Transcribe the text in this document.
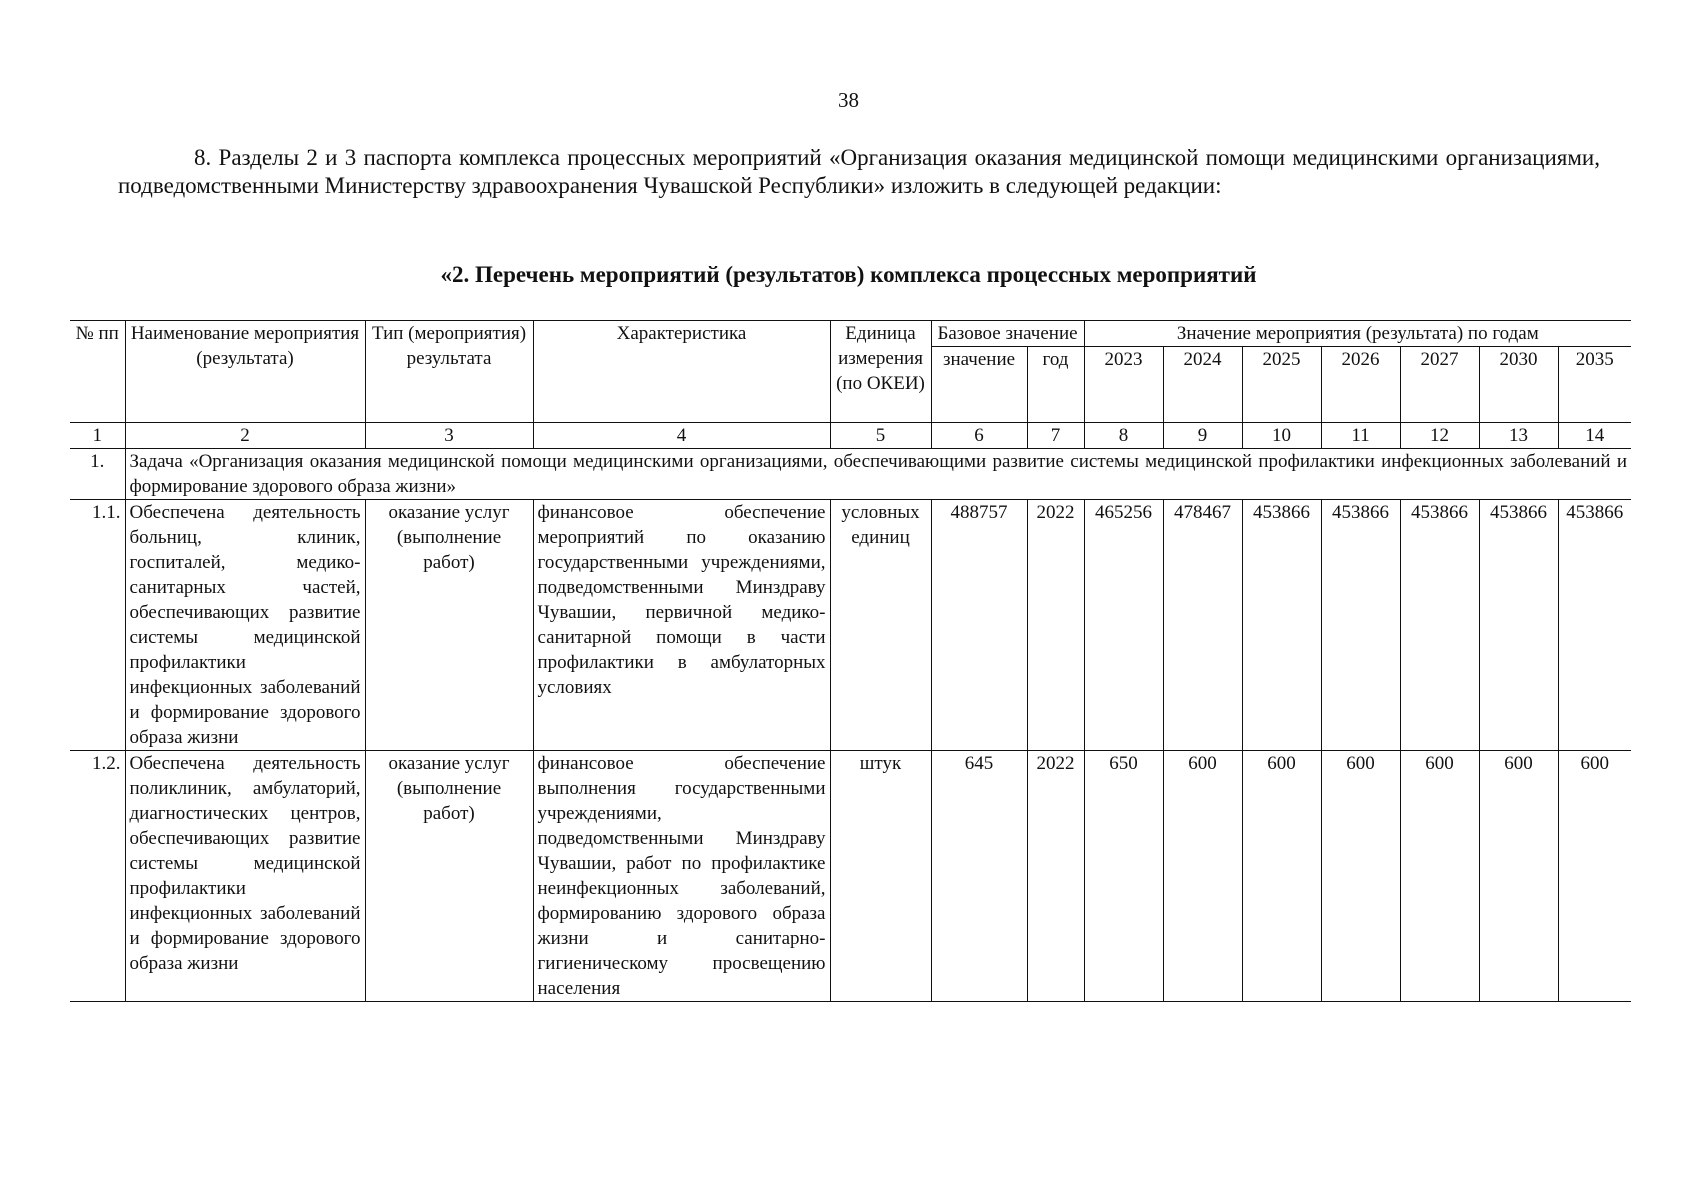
38

8. Разделы 2 и 3 паспорта комплекса процессных мероприятий «Организация оказания медицинской помощи медицинскими организациями, подведомственными Министерству здравоохранения Чувашской Республики» изложить в следующей редакции:

«2. Перечень мероприятий (результатов) комплекса процессных мероприятий
№ пп	Наименование мероприятия (результата)	Тип (мероприятия) результата	Характеристика	Единица измерения (по ОКЕИ)	Базовое значение		Значение мероприятия (результата) по годам						
					значение	год	2023	2024	2025	2026	2027	2030	2035
1	2	3	4	5	6	7	8	9	10	11	12	13	14
1.	Задача «Организация оказания медицинской помощи медицинскими организациями, обеспечивающими развитие системы медицинской профилактики инфекционных заболеваний и формирование здорового образа жизни»												
1.1.	Обеспечена деятельность больниц, клиник, госпиталей, медико-санитарных частей, обеспечивающих развитие системы медицинской профилактики инфекционных заболеваний и формирование здорового образа жизни	оказание услуг (выполнение работ)	финансовое обеспечение мероприятий по оказанию государственными учреждениями, подведомственными Минздраву Чувашии, первичной медико-санитарной помощи в части профилактики в амбулаторных условиях	условных единиц	488757	2022	465256	478467	453866	453866	453866	453866	453866
1.2.	Обеспечена деятельность поликлиник, амбулаторий, диагностических центров, обеспечивающих развитие системы медицинской профилактики инфекционных заболеваний и формирование здорового образа жизни	оказание услуг (выполнение работ)	финансовое обеспечение выполнения государственными учреждениями, подведомственными Минздраву Чувашии, работ по профилактике неинфекционных заболеваний, формированию здорового образа жизни и санитарно-гигиеническому просвещению населения	штук	645	2022	650	600	600	600	600	600	600
